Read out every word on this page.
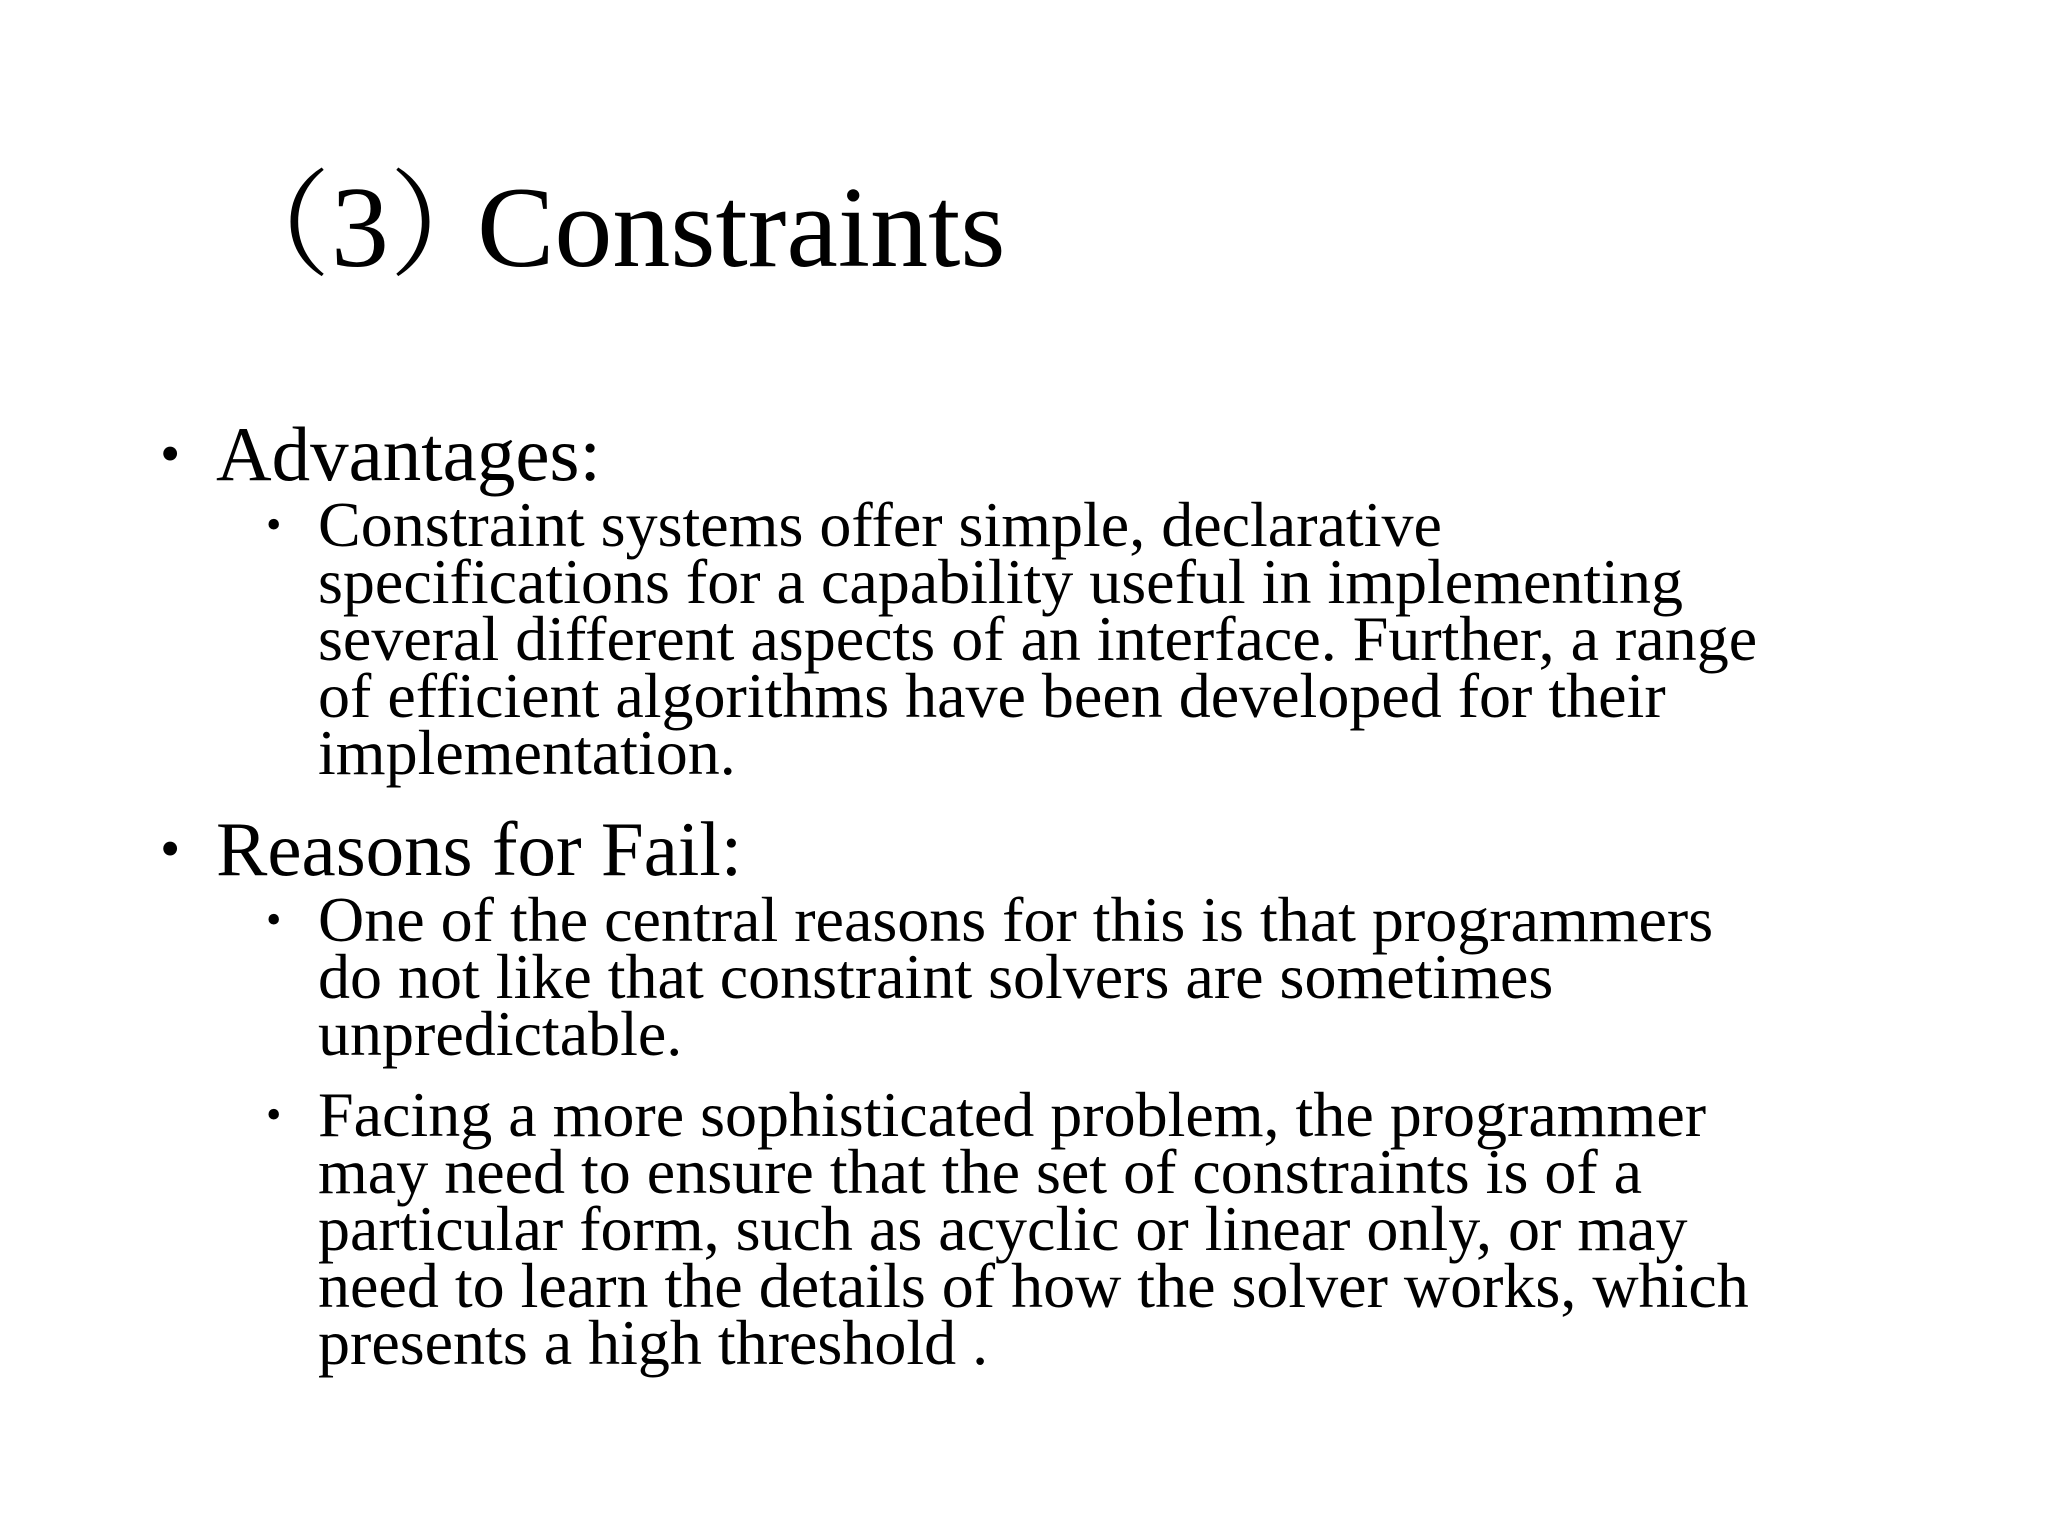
（3）Constraints
• Advantages:
• Constraint systems offer simple, declarative
specifications for a capability useful in implementing
several different aspects of an interface. Further, a range
of efficient algorithms have been developed for their
implementation.
• Reasons for Fail:
• One of the central reasons for this is that programmers
do not like that constraint solvers are sometimes
unpredictable.
• Facing a more sophisticated problem, the programmer
may need to ensure that the set of constraints is of a
particular form, such as acyclic or linear only, or may
need to learn the details of how the solver works, which
presents a high threshold .
